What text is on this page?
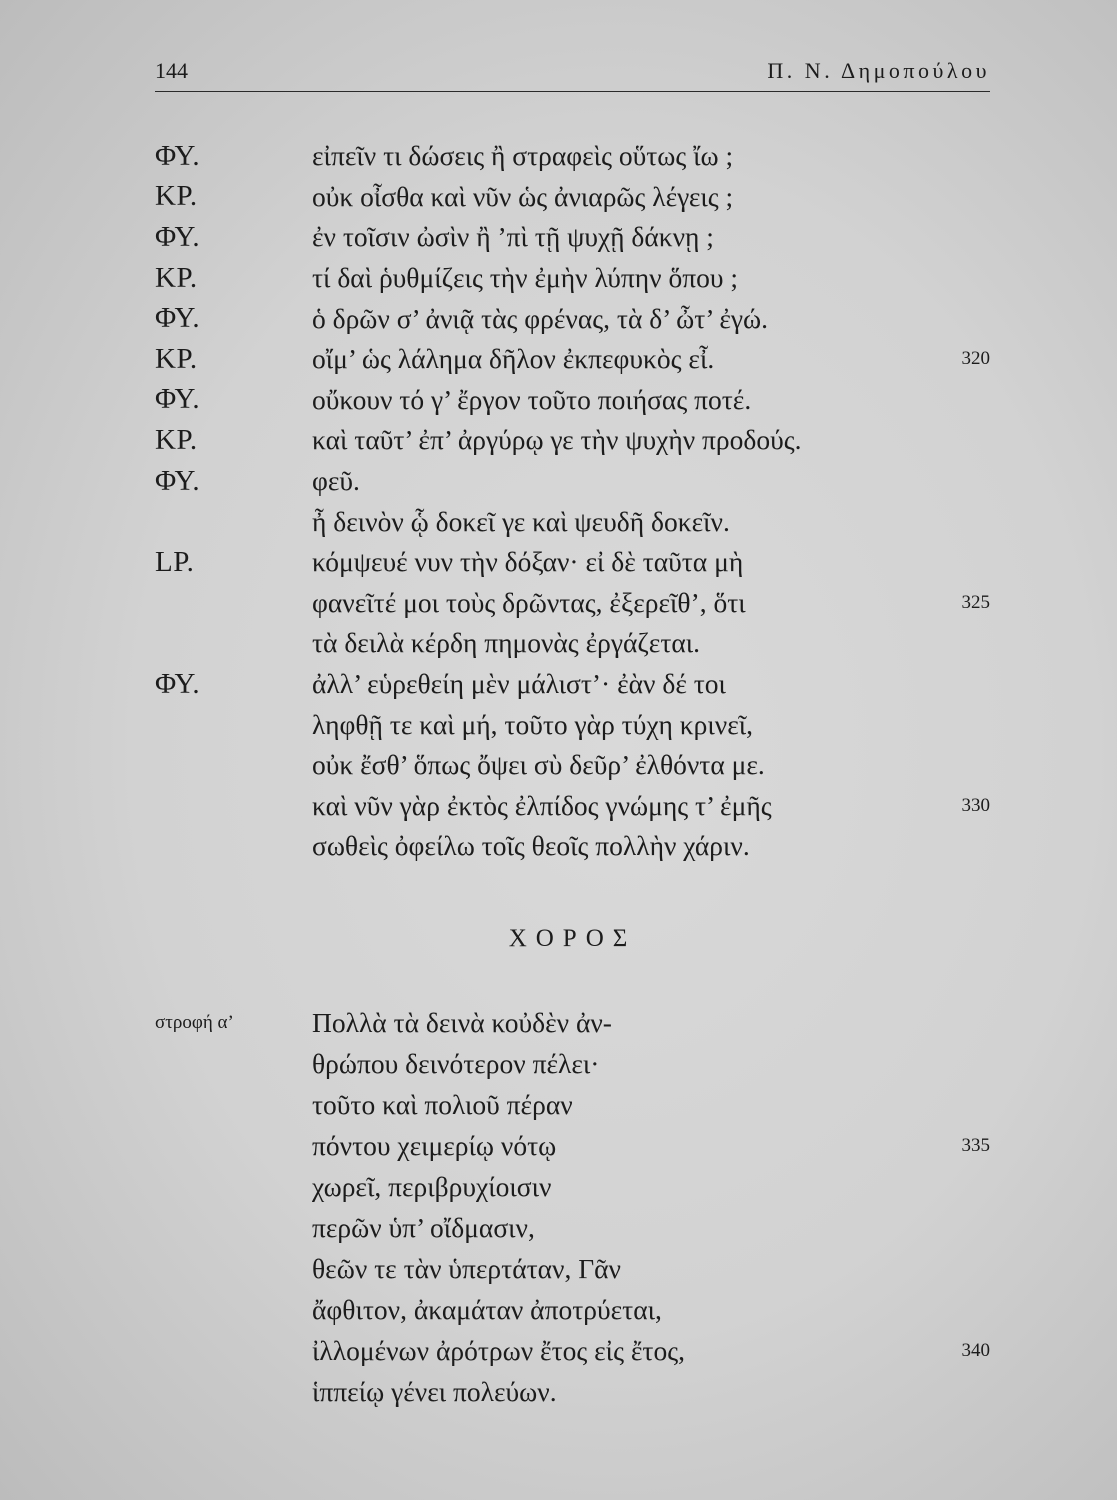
144	Π. Ν. Δημοπούλου
ΦΥ.	εἰπεῖν τι δώσεις ἢ στραφεὶς οὕτως ἴω ;
ΚΡ.	οὐκ οἶσθα καὶ νῦν ὡς ἀνιαρῶς λέγεις ;
ΦΥ.	ἐν τοῖσιν ὠσὶν ἢ ’πὶ τῇ ψυχῇ δάκνῃ ;
ΚΡ.	τί δαὶ ῥυθμίζεις τὴν ἐμὴν λύπην ὅπου ;
ΦΥ.	ὁ δρῶν σ’ ἀνιᾷ τὰς φρένας, τὰ δ’ ὦτ’ ἐγώ.
ΚΡ.	οἴμ’ ὡς λάλημα δῆλον ἐκπεφυκὸς εἶ.	320
ΦΥ.	οὔκουν τό γ’ ἔργον τοῦτο ποιήσας ποτέ.
ΚΡ.	καὶ ταῦτ’ ἐπ’ ἀργύρῳ γε τὴν ψυχὴν προδούς.
ΦΥ.	φεῦ.
ἦ δεινὸν ᾧ δοκεῖ γε καὶ ψευδῆ δοκεῖν.
LP.	κόμψευέ νυν τὴν δόξαν· εἰ δὲ ταῦτα μὴ
φανεῖτέ μοι τοὺς δρῶντας, ἐξερεῖθ’, ὅτι	325
τὰ δειλὰ κέρδη πημονὰς ἐργάζεται.
ΦΥ.	ἀλλ’ εὑρεθείη μὲν μάλιστ’· ἐὰν δέ τοι
ληφθῇ τε καὶ μή, τοῦτο γὰρ τύχη κρινεῖ,
οὐκ ἔσθ’ ὅπως ὄψει σὺ δεῦρ’ ἐλθόντα με.
καὶ νῦν γὰρ ἐκτὸς ἐλπίδος γνώμης τ’ ἐμῆς	330
σωθεὶς ὀφείλω τοῖς θεοῖς πολλὴν χάριν.
ΧΟΡΟΣ
στροφή α’	Πολλὰ τὰ δεινὰ κοὐδὲν ἀν-
θρώπου δεινότερον πέλει·
τοῦτο καὶ πολιοῦ πέραν
πόντου χειμερίῳ νότῳ	335
χωρεῖ, περιβρυχίοισιν
περῶν ὑπ’ οἴδμασιν,
θεῶν τε τὰν ὑπερτάταν, Γᾶν
ἄφθιτον, ἀκαμάταν ἀποτρύεται,
ἰλλομένων ἀρότρων ἔτος εἰς ἔτος,	340
ἱππείῳ γένει πολεύων.
